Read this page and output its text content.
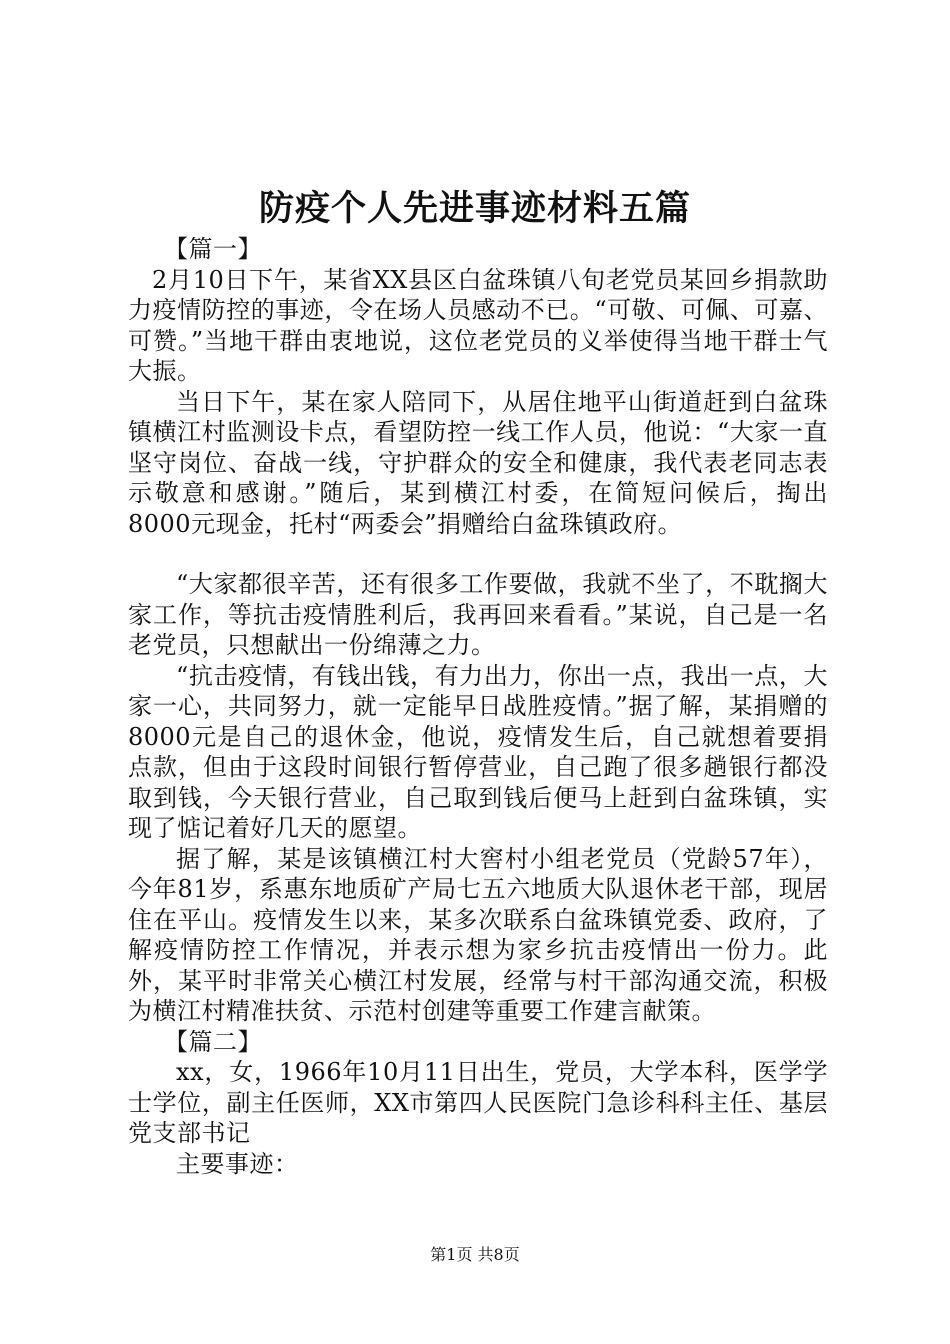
防疫个人先进事迹材料五篇

【篇一】

2月10日下午，某省XX县区白盆珠镇八旬老党员某回乡捐款助力疫情防控的事迹，令在场人员感动不已。“可敬、可佩、可嘉、可赞。”当地干群由衷地说，这位老党员的义举使得当地干群士气大振。

当日下午，某在家人陪同下，从居住地平山街道赶到白盆珠镇横江村监测设卡点，看望防控一线工作人员，他说：“大家一直坚守岗位、奋战一线，守护群众的安全和健康，我代表老同志表示敬意和感谢。”随后，某到横江村委，在简短问候后，掏出8000元现金，托村“两委会”捐赠给白盆珠镇政府。

“大家都很辛苦，还有很多工作要做，我就不坐了，不耽搁大家工作，等抗击疫情胜利后，我再回来看看。”某说，自己是一名老党员，只想献出一份绵薄之力。

“抗击疫情，有钱出钱，有力出力，你出一点，我出一点，大家一心，共同努力，就一定能早日战胜疫情。”据了解，某捐赠的8000元是自己的退休金，他说，疫情发生后，自己就想着要捐点款，但由于这段时间银行暂停营业，自己跑了很多趟银行都没取到钱，今天银行营业，自己取到钱后便马上赶到白盆珠镇，实现了惦记着好几天的愿望。

据了解，某是该镇横江村大窖村小组老党员（党龄57年），今年81岁，系惠东地质矿产局七五六地质大队退休老干部，现居住在平山。疫情发生以来，某多次联系白盆珠镇党委、政府，了解疫情防控工作情况，并表示想为家乡抗击疫情出一份力。此外，某平时非常关心横江村发展，经常与村干部沟通交流，积极为横江村精准扶贫、示范村创建等重要工作建言献策。

【篇二】

xx，女，1966年10月11日出生，党员，大学本科，医学学士学位，副主任医师，XX市第四人民医院门急诊科科主任、基层党支部书记

主要事迹：

第1页 共8页
